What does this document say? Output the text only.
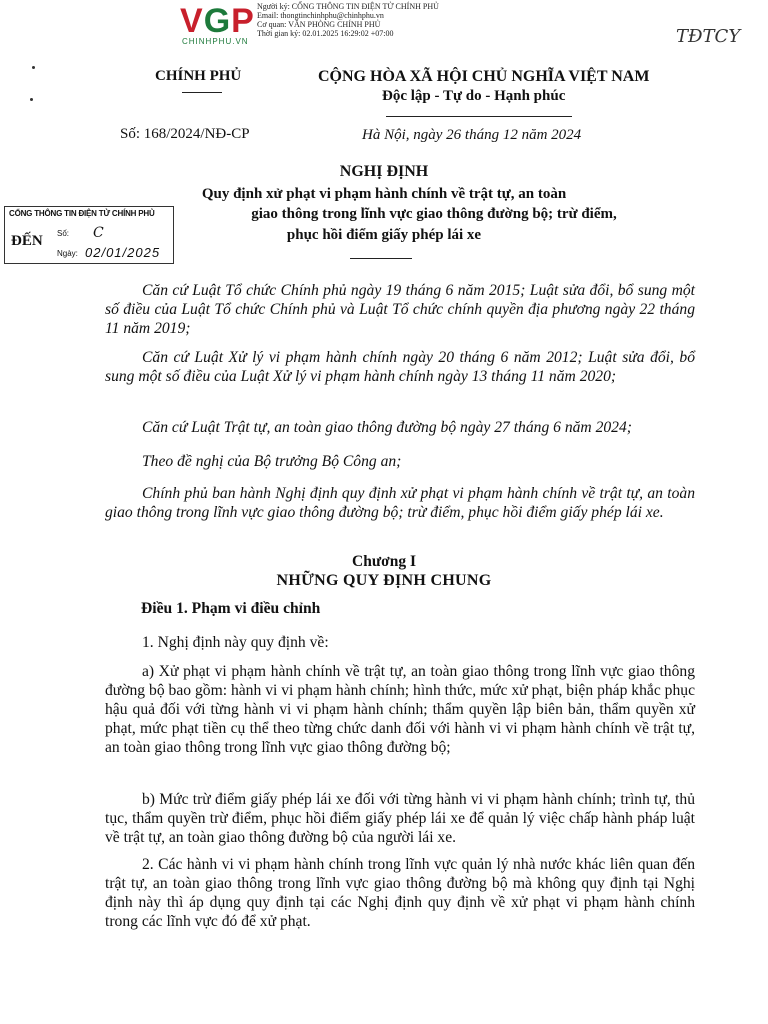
VGP
CHINHPHU.VN
Người ký: CỔNG THÔNG TIN ĐIỆN TỬ CHÍNH PHỦ
Email: thongtinchinhphu@chinhphu.vn
Cơ quan: VĂN PHÒNG CHÍNH PHỦ
Thời gian ký: 02.01.2025 16:29:02 +07:00	TĐTCY
CHÍNH PHỦ	CỘNG HÒA XÃ HỘI CHỦ NGHĨA VIỆT NAM
Độc lập - Tự do - Hạnh phúc
Số: 168/2024/NĐ-CP	Hà Nội, ngày 26 tháng 12 năm 2024
NGHỊ ĐỊNH
Quy định xử phạt vi phạm hành chính về trật tự, an toàn
giao thông trong lĩnh vực giao thông đường bộ; trừ điểm,
phục hồi điểm giấy phép lái xe
CỔNG THÔNG TIN ĐIỆN TỬ CHÍNH PHỦ
ĐẾN Số: C
Ngày: 02/01/2025
Căn cứ Luật Tổ chức Chính phủ ngày 19 tháng 6 năm 2015; Luật sửa đổi, bổ sung một số điều của Luật Tổ chức Chính phủ và Luật Tổ chức chính quyền địa phương ngày 22 tháng 11 năm 2019;
Căn cứ Luật Xử lý vi phạm hành chính ngày 20 tháng 6 năm 2012; Luật sửa đổi, bổ sung một số điều của Luật Xử lý vi phạm hành chính ngày 13 tháng 11 năm 2020;
Căn cứ Luật Trật tự, an toàn giao thông đường bộ ngày 27 tháng 6 năm 2024;
Theo đề nghị của Bộ trưởng Bộ Công an;
Chính phủ ban hành Nghị định quy định xử phạt vi phạm hành chính về trật tự, an toàn giao thông trong lĩnh vực giao thông đường bộ; trừ điểm, phục hồi điểm giấy phép lái xe.
Chương I
NHỮNG QUY ĐỊNH CHUNG
Điều 1. Phạm vi điều chỉnh
1. Nghị định này quy định về:
a) Xử phạt vi phạm hành chính về trật tự, an toàn giao thông trong lĩnh vực giao thông đường bộ bao gồm: hành vi vi phạm hành chính; hình thức, mức xử phạt, biện pháp khắc phục hậu quả đối với từng hành vi vi phạm hành chính; thẩm quyền lập biên bản, thẩm quyền xử phạt, mức phạt tiền cụ thể theo từng chức danh đối với hành vi vi phạm hành chính về trật tự, an toàn giao thông trong lĩnh vực giao thông đường bộ;
b) Mức trừ điểm giấy phép lái xe đối với từng hành vi vi phạm hành chính; trình tự, thủ tục, thẩm quyền trừ điểm, phục hồi điểm giấy phép lái xe để quản lý việc chấp hành pháp luật về trật tự, an toàn giao thông đường bộ của người lái xe.
2. Các hành vi vi phạm hành chính trong lĩnh vực quản lý nhà nước khác liên quan đến trật tự, an toàn giao thông trong lĩnh vực giao thông đường bộ mà không quy định tại Nghị định này thì áp dụng quy định tại các Nghị định quy định về xử phạt vi phạm hành chính trong các lĩnh vực đó để xử phạt.
